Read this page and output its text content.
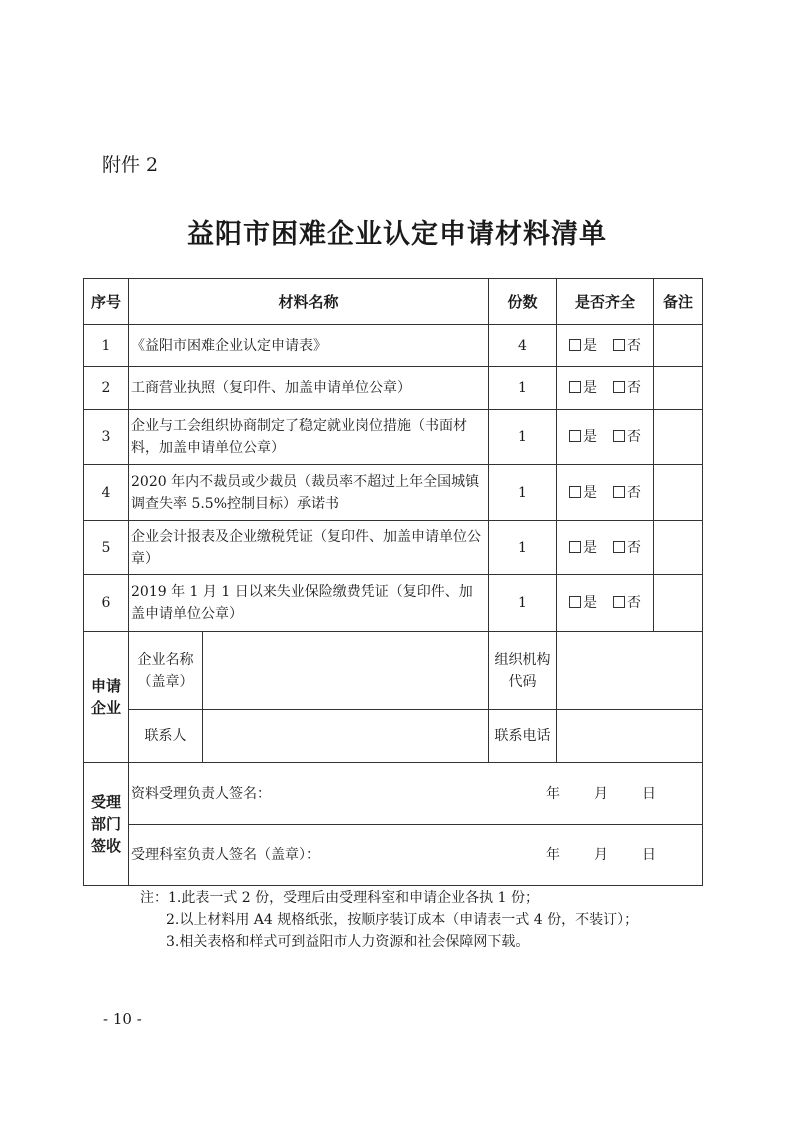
附件 2
益阳市困难企业认定申请材料清单
序号	材料名称		份数	是否齐全	备注
1	《益阳市困难企业认定申请表》		4	是 否	
2	工商营业执照（复印件、加盖申请单位公章）		1	是 否	
3	企业与工会组织协商制定了稳定就业岗位措施（书面材料，加盖申请单位公章）		1	是 否	
4	2020 年内不裁员或少裁员（裁员率不超过上年全国城镇调查失率 5.5%控制目标）承诺书		1	是 否	
5	企业会计报表及企业缴税凭证（复印件、加盖申请单位公章）		1	是 否	
6	2019 年 1 月 1 日以来失业保险缴费凭证（复印件、加盖申请单位公章）		1	是 否	
申请企业	企业名称（盖章）		组织机构代码		
	联系人		联系电话		
受理部门签收	资料受理负责人签名： 年 月 日				

	受理科室负责人签名（盖章）： 年 月 日				
注：1.此表一式 2 份，受理后由受理科室和申请企业各执 1 份；
2.以上材料用 A4 规格纸张，按顺序装订成本（申请表一式 4 份，不装订）；
3.相关表格和样式可到益阳市人力资源和社会保障网下载。
- 10 -
